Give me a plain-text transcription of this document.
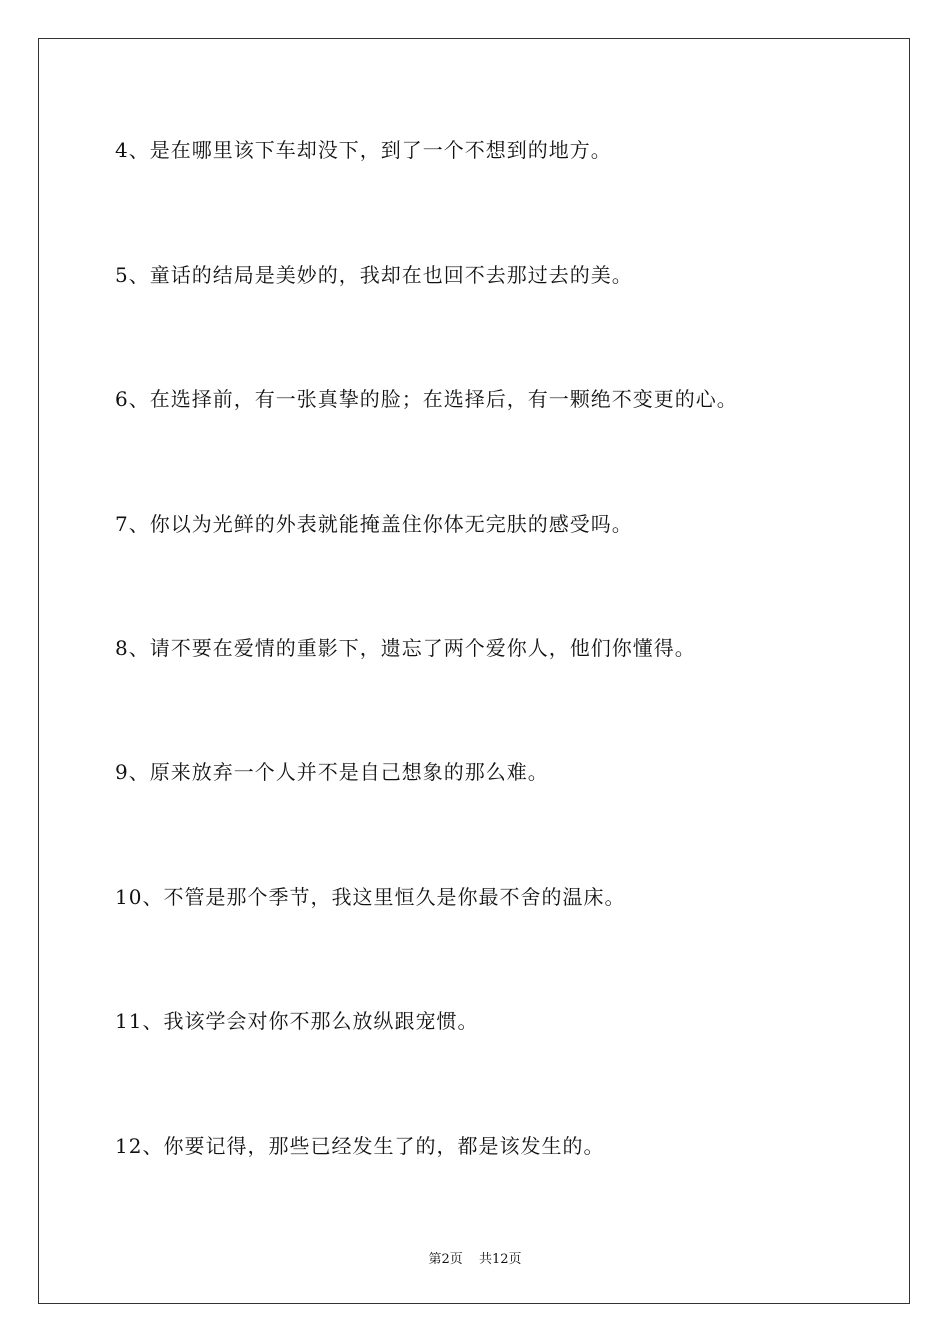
4、是在哪里该下车却没下，到了一个不想到的地方。
5、童话的结局是美妙的，我却在也回不去那过去的美。
6、在选择前，有一张真挚的脸；在选择后，有一颗绝不变更的心。
7、你以为光鲜的外表就能掩盖住你体无完肤的感受吗。
8、请不要在爱情的重影下，遗忘了两个爱你人，他们你懂得。
9、原来放弃一个人并不是自己想象的那么难。
10、不管是那个季节，我这里恒久是你最不舍的温床。
11、我该学会对你不那么放纵跟宠惯。
12、你要记得，那些已经发生了的，都是该发生的。
第2页 共12页
